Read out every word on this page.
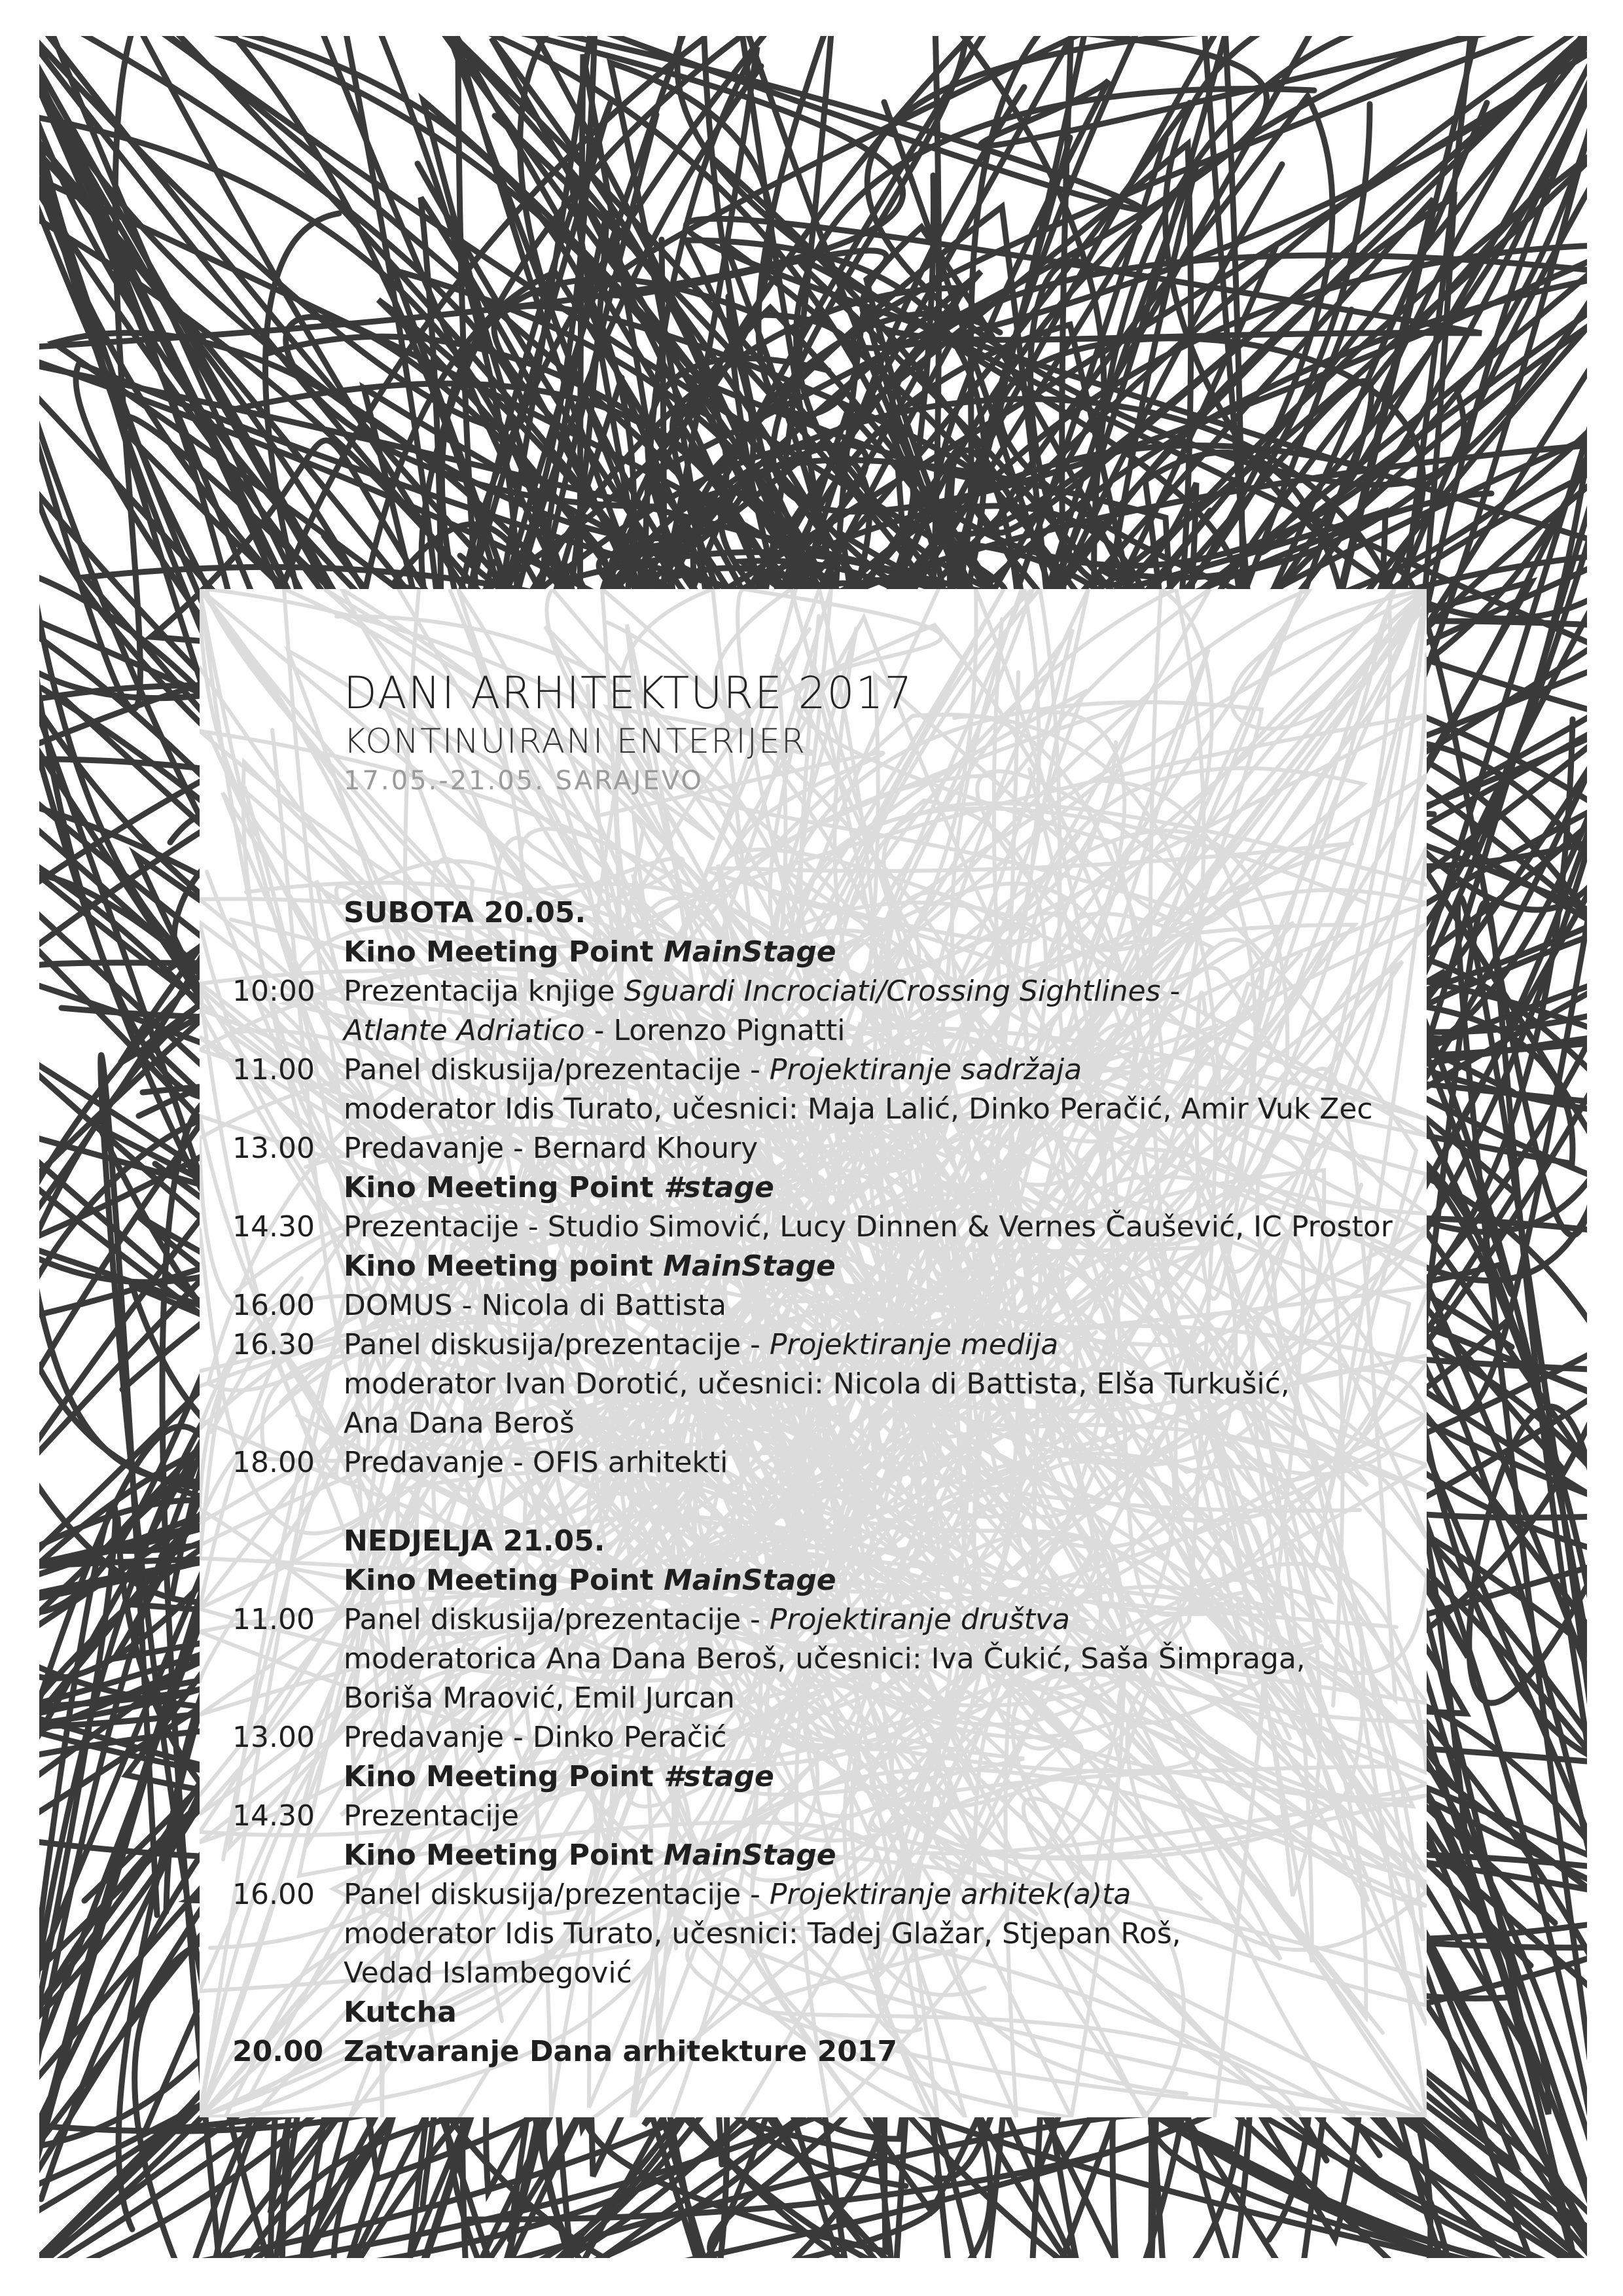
DANI ARHITEKTURE 2017
KONTINUIRANI ENTERIJER
17.05.-21.05. SARAJEVO
SUBOTA 20.05.
Kino Meeting Point MainStage
10:00 Prezentacija knjige Sguardi Incrociati/Crossing Sightlines -
Atlante Adriatico - Lorenzo Pignatti
11.00	Panel diskusija/prezentacije - Projektiranje sadržaja
moderator Idis Turato, učesnici: Maja Lalić, Dinko Peračić, Amir Vuk Zec
13.00	Predavanje - Bernard Khoury
Kino Meeting Point #stage
14.30	Prezentacije - Studio Simović, Lucy Dinnen & Vernes Čaušević, IC Prostor
Kino Meeting point MainStage
16.00	DOMUS - Nicola di Battista
16.30	Panel diskusija/prezentacije - Projektiranje medija
moderator Ivan Dorotić, učesnici: Nicola di Battista, Elša Turkušić,
Ana Dana Beroš
18.00	Predavanje - OFIS arhitekti
NEDJELJA 21.05.
Kino Meeting Point MainStage
11.00	Panel diskusija/prezentacije - Projektiranje društva
moderatorica Ana Dana Beroš, učesnici: Iva Čukić, Saša Šimpraga,
Boriša Mraović, Emil Jurcan
13.00	Predavanje - Dinko Peračić
Kino Meeting Point #stage
14.30	Prezentacije
Kino Meeting Point MainStage
16.00	Panel diskusija/prezentacije - Projektiranje arhitek(a)ta
moderator Idis Turato, učesnici: Tadej Glažar, Stjepan Roš,
Vedad Islambegović
Kutcha
20.00 Zatvaranje Dana arhitekture 2017
